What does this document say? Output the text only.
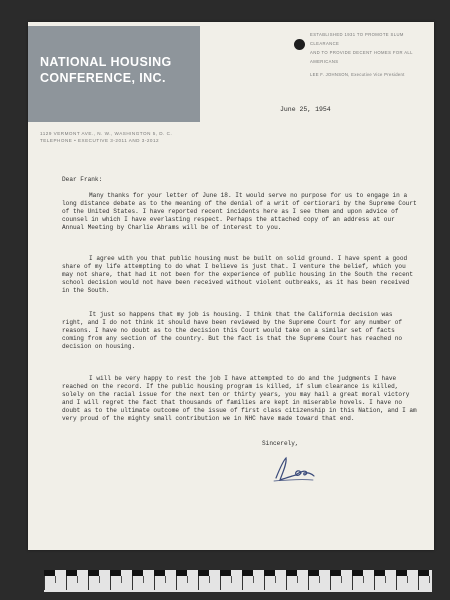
NATIONAL HOUSING
CONFERENCE, INC.
1129 VERMONT AVE., N. W., WASHINGTON 5, D. C.
TELEPHONE • EXECUTIVE 3-2011 AND 3-2012
ESTABLISHED 1931 TO PROMOTE SLUM CLEARANCE
AND TO PROVIDE DECENT HOMES FOR ALL AMERICANS
LEE F. JOHNSON, Executive Vice President
June 25, 1954
Dear Frank:

Many thanks for your letter of June 18. It would serve no purpose for us to engage in a long distance debate as to the meaning of the denial of a writ of certiorari by the Supreme Court of the United States. I have reported recent incidents here as I see them and upon advice of counsel in which I have everlasting respect. Perhaps the attached copy of an address at our Annual Meeting by Charlie Abrams will be of interest to you.

I agree with you that public housing must be built on solid ground. I have spent a good share of my life attempting to do what I believe is just that. I venture the belief, which you may not share, that had it not been for the experience of public housing in the South the recent school decision would not have been received without violent outbreaks, as it has been received in the South.

It just so happens that my job is housing. I think that the California decision was right, and I do not think it should have been reviewed by the Supreme Court for any number of reasons. I have no doubt as to the decision this Court would take on a similar set of facts coming from any section of the country. But the fact is that the Supreme Court has reached no decision on housing.

I will be very happy to rest the job I have attempted to do and the judgments I have reached on the record. If the public housing program is killed, if slum clearance is killed, solely on the racial issue for the next ten or thirty years, you may hail a great moral victory and I will regret the fact that thousands of families are kept in miserable hovels. I have no doubt as to the ultimate outcome of the issue of first class citizenship in this Nation, and I am very proud of the mighty small contribution we in NHC have made toward that end.

Sincerely,
